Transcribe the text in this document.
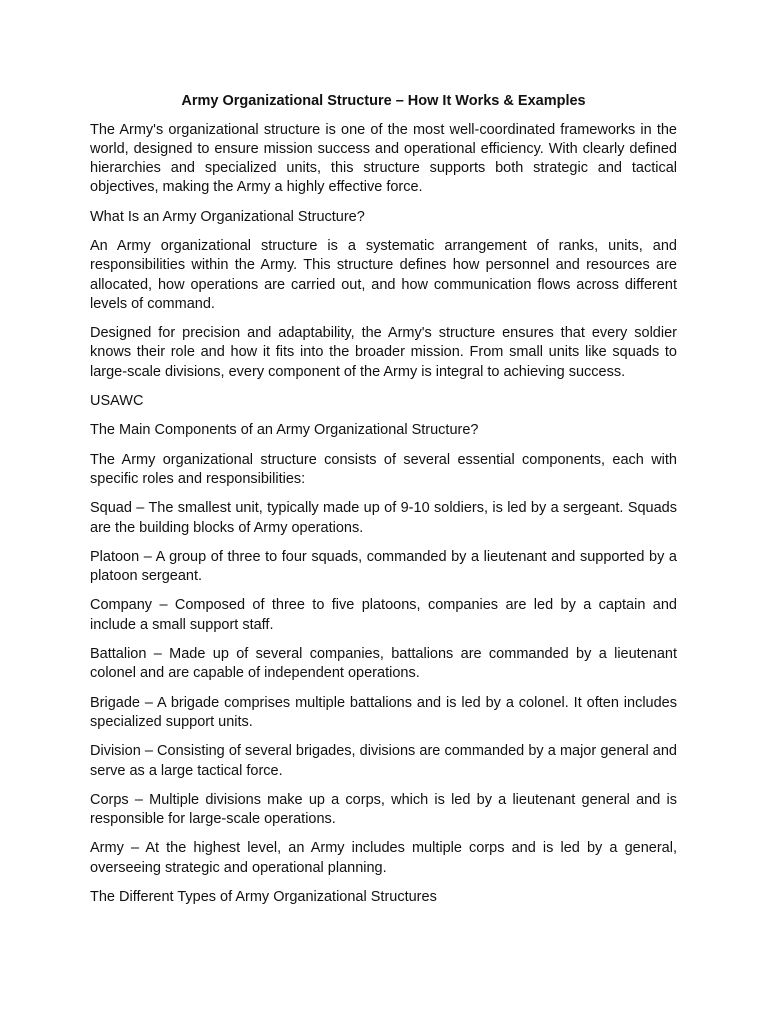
Army Organizational Structure – How It Works & Examples

The Army's organizational structure is one of the most well-coordinated frameworks in the world, designed to ensure mission success and operational efficiency. With clearly defined hierarchies and specialized units, this structure supports both strategic and tactical objectives, making the Army a highly effective force.

What Is an Army Organizational Structure?

An Army organizational structure is a systematic arrangement of ranks, units, and responsibilities within the Army. This structure defines how personnel and resources are allocated, how operations are carried out, and how communication flows across different levels of command.

Designed for precision and adaptability, the Army's structure ensures that every soldier knows their role and how it fits into the broader mission. From small units like squads to large-scale divisions, every component of the Army is integral to achieving success.

USAWC

The Main Components of an Army Organizational Structure?

The Army organizational structure consists of several essential components, each with specific roles and responsibilities:

Squad – The smallest unit, typically made up of 9-10 soldiers, is led by a sergeant. Squads are the building blocks of Army operations.

Platoon – A group of three to four squads, commanded by a lieutenant and supported by a platoon sergeant.

Company – Composed of three to five platoons, companies are led by a captain and include a small support staff.

Battalion – Made up of several companies, battalions are commanded by a lieutenant colonel and are capable of independent operations.

Brigade – A brigade comprises multiple battalions and is led by a colonel. It often includes specialized support units.

Division – Consisting of several brigades, divisions are commanded by a major general and serve as a large tactical force.

Corps – Multiple divisions make up a corps, which is led by a lieutenant general and is responsible for large-scale operations.

Army – At the highest level, an Army includes multiple corps and is led by a general, overseeing strategic and operational planning.

The Different Types of Army Organizational Structures
